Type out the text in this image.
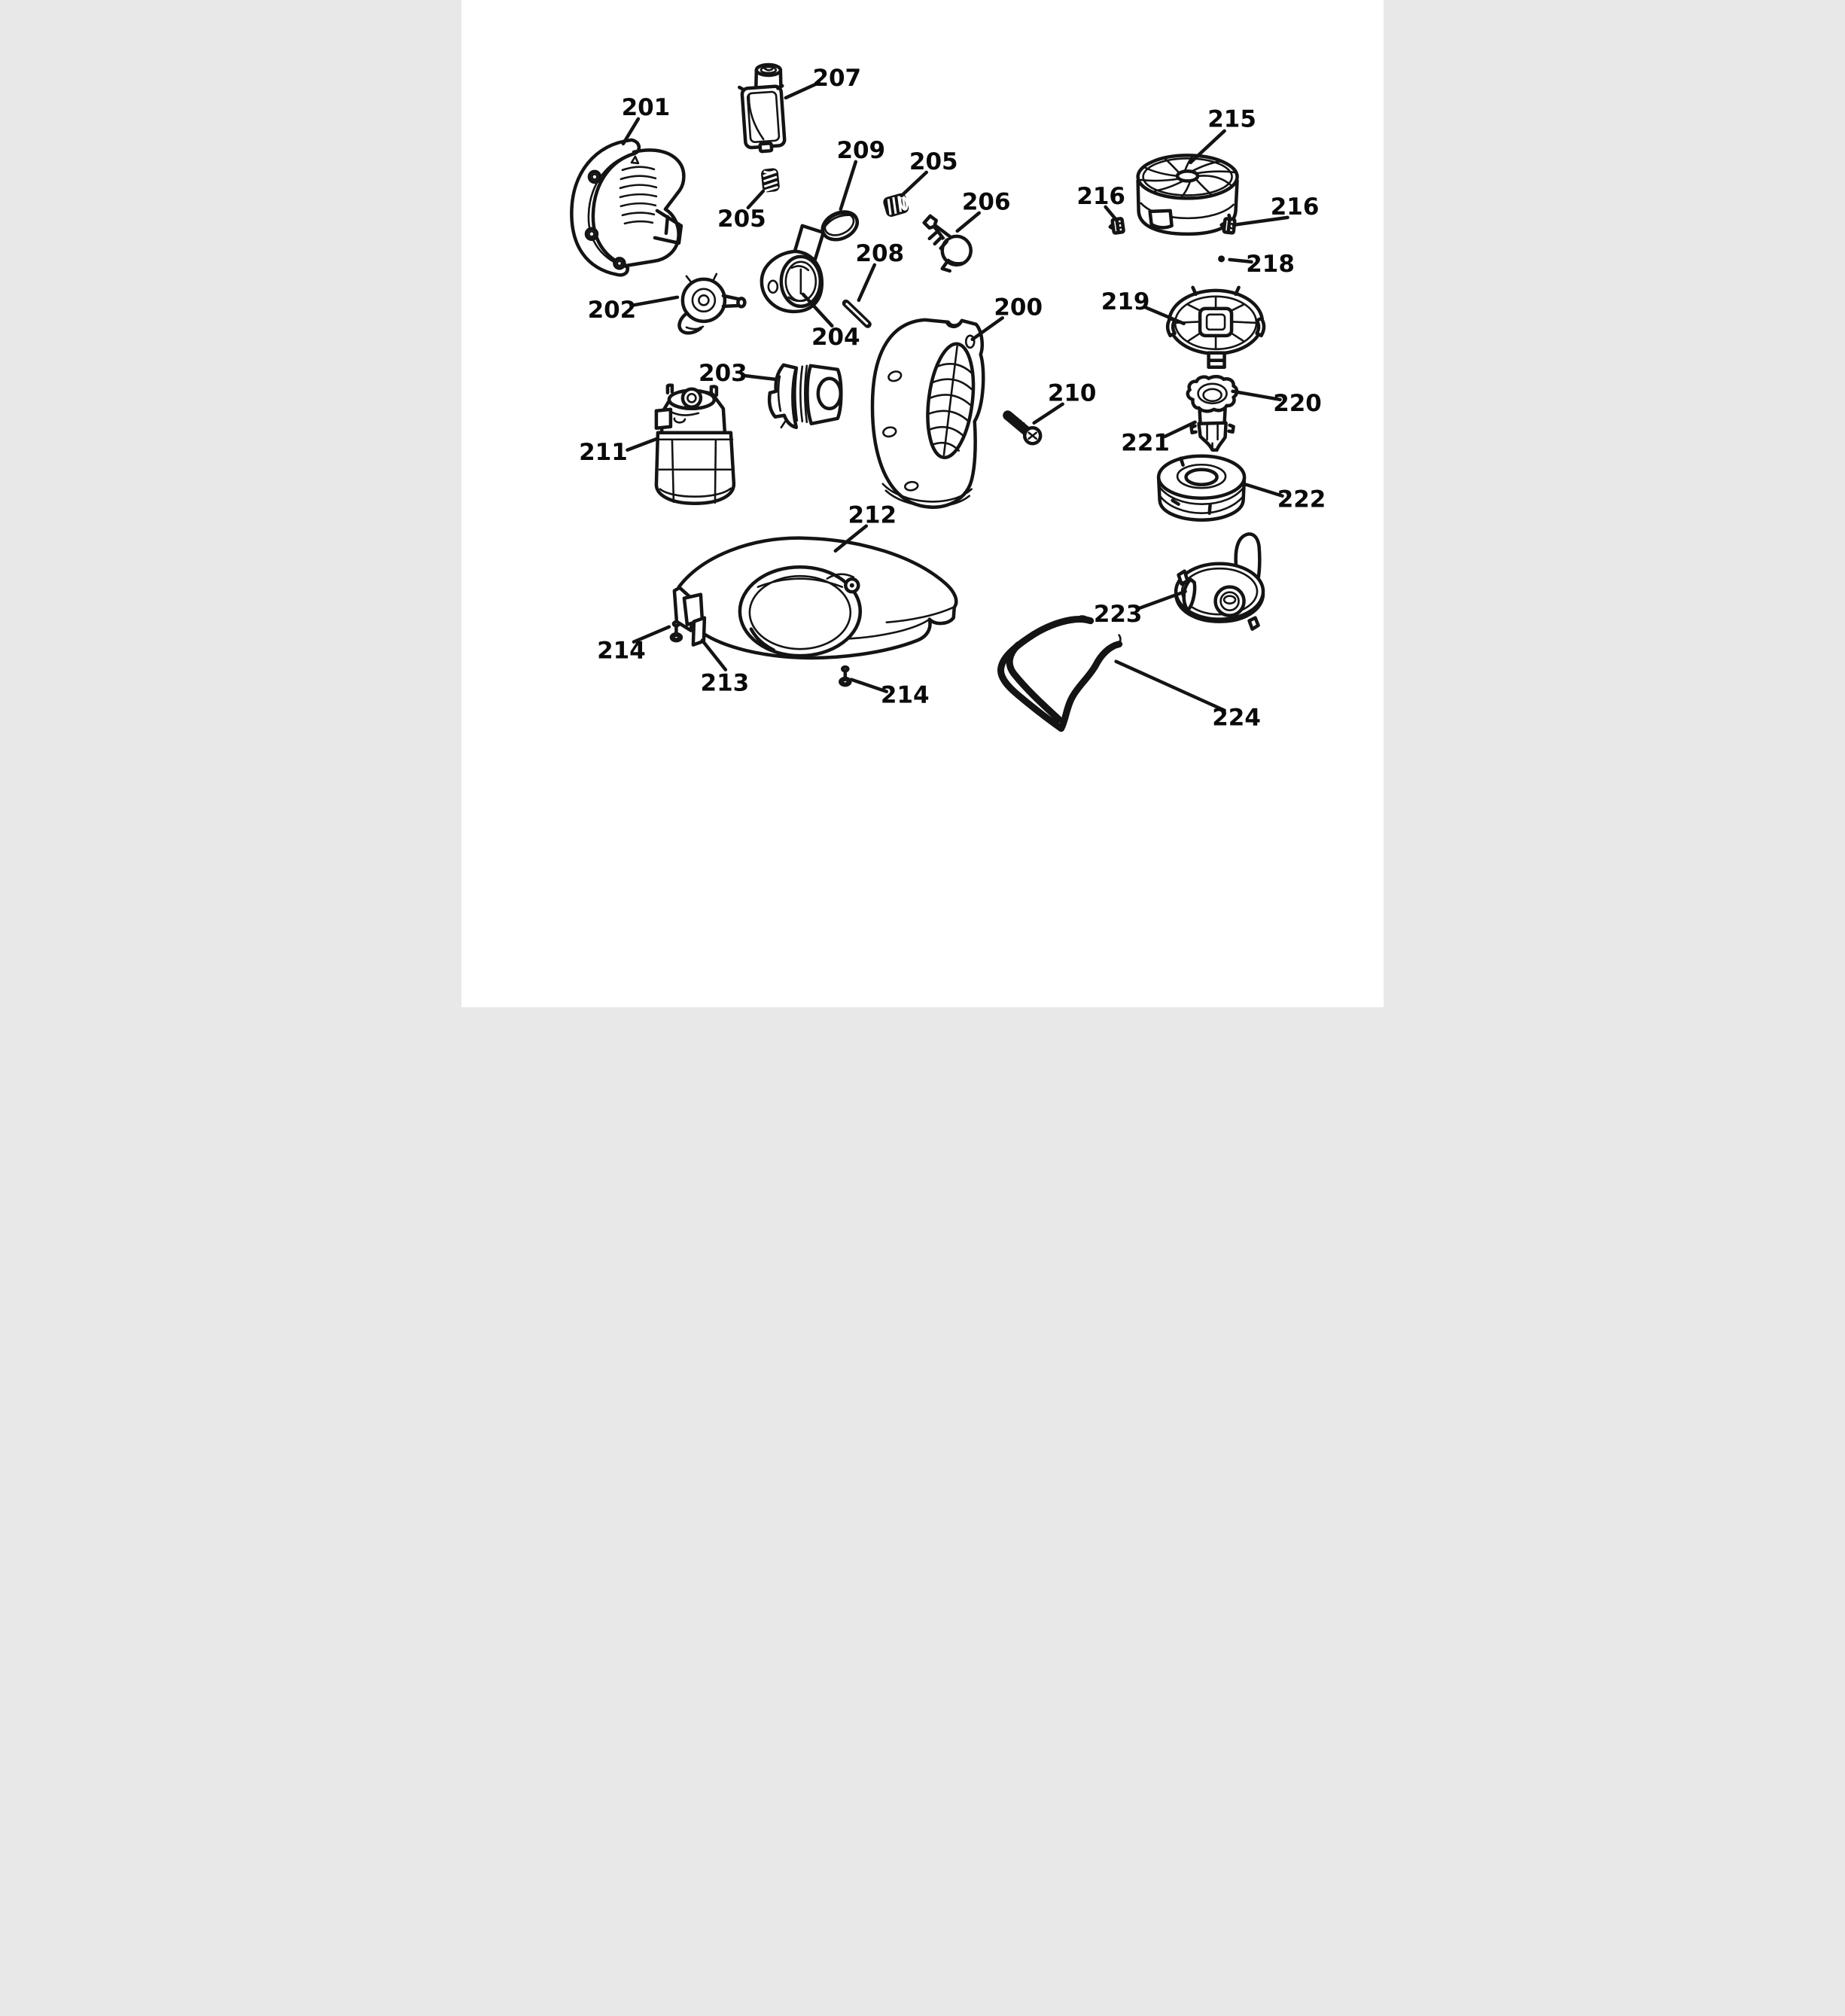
200
201
202
203
204
205
205
206
207
208
209
210
211
212
213
214
214
215
216	216
218
219
220
221
222
223
224
